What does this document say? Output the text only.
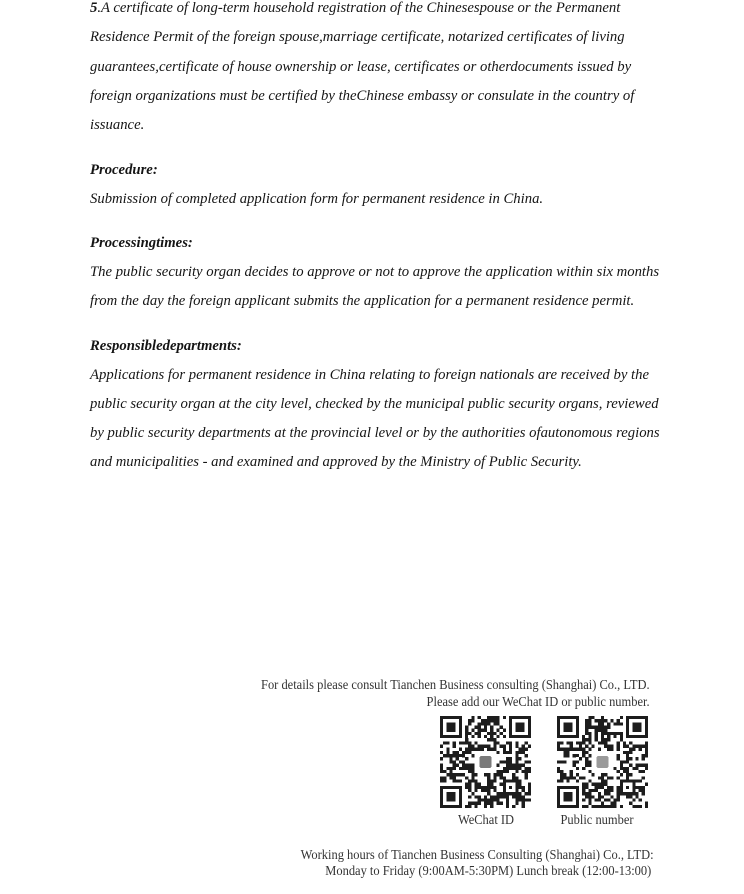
5.A certificate of long-term household registration of the Chinesespouse or the Permanent
Residence Permit of the foreign spouse,marriage certificate, notarized certificates of living
guarantees,certificate of house ownership or lease, certificates or otherdocuments issued by
foreign organizations must be certified by theChinese embassy or consulate in the country of
issuance.
Procedure:
Submission of completed application form for permanent residence in China.
Processingtimes:
The public security organ decides to approve or not to approve the application within six months
from the day the foreign applicant submits the application for a permanent residence permit.
Responsibledepartments:
Applications for permanent residence in China relating to foreign nationals are received by the
public security organ at the city level, checked by the municipal public security organs, reviewed
by public security departments at the provincial level or by the authorities ofautonomous regions
and municipalities - and examined and approved by the Ministry of Public Security.
For details please consult Tianchen Business consulting (Shanghai) Co., LTD.
Please add our WeChat ID or public number.
WeChat ID	Public number
Working hours of Tianchen Business Consulting (Shanghai) Co., LTD:
Monday to Friday (9:00AM-5:30PM) Lunch break (12:00-13:00)
